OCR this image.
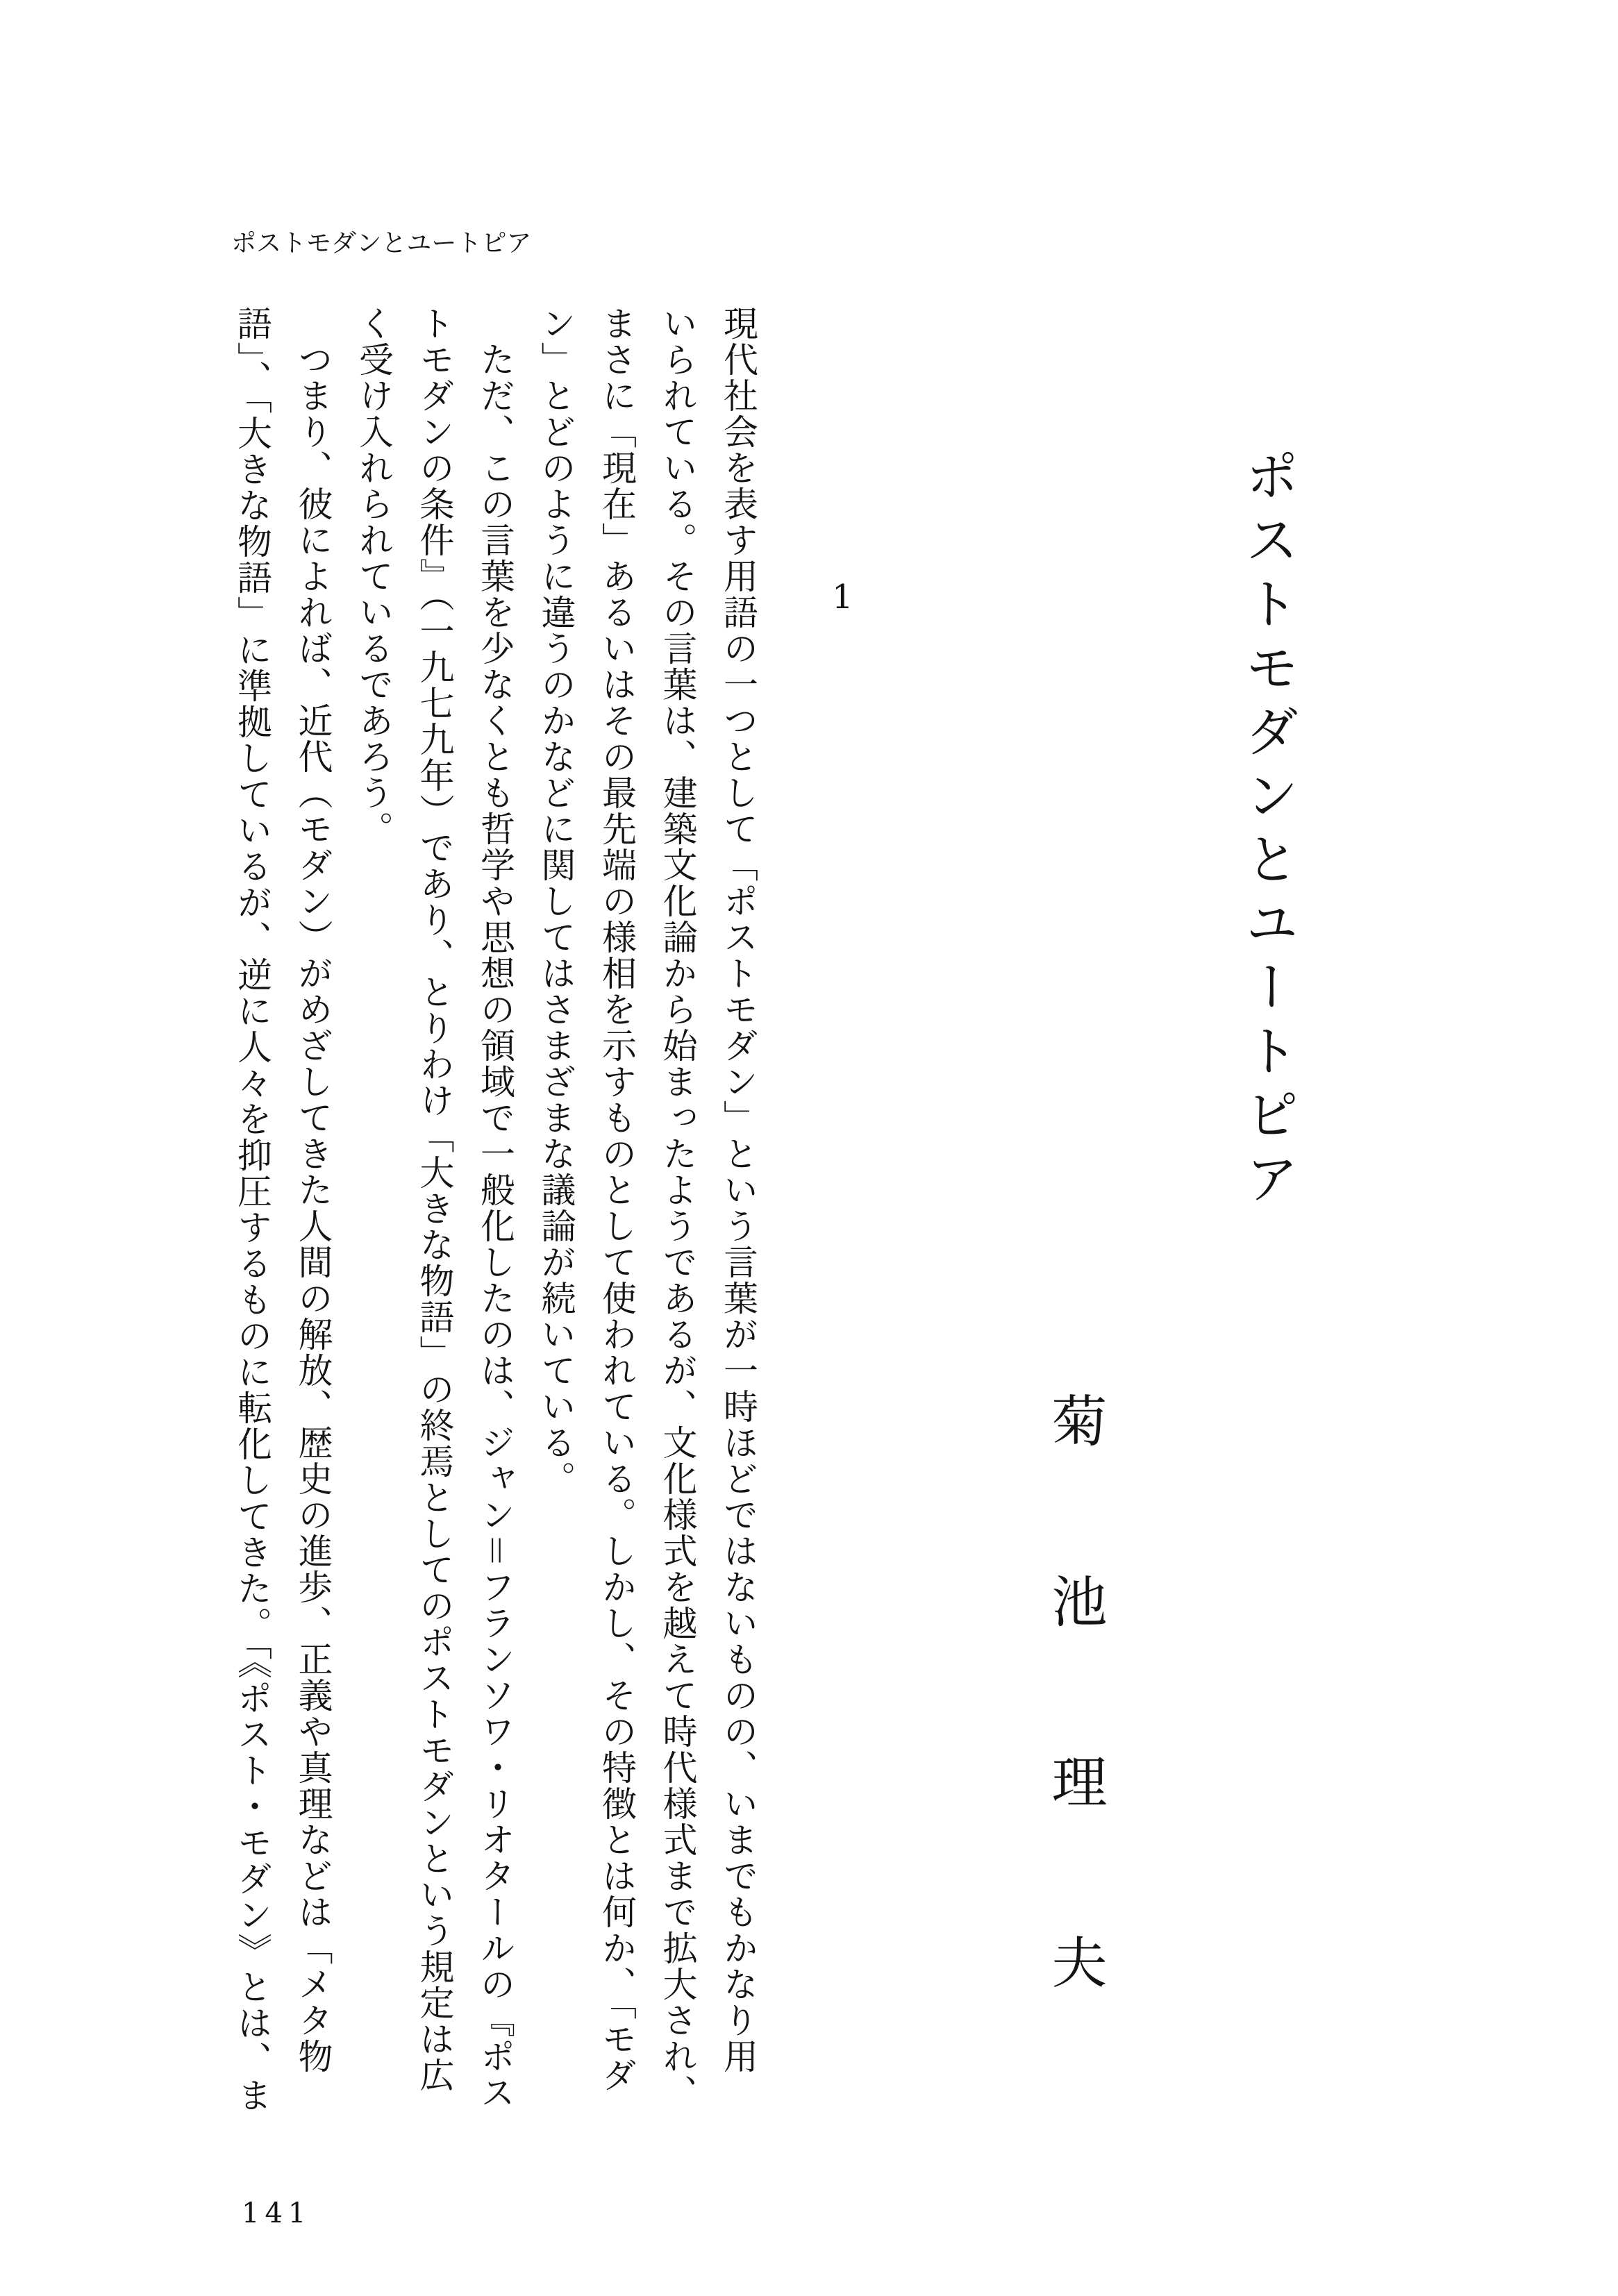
ポストモダンとユートピア
1	ポストモダンとユートピア
菊池理夫
現代社会を表す用語の一つとして「ポストモダン」という言葉が一時ほどではないものの、いまでもかなり用
いられている。その言葉は、建築文化論から始まったようであるが、文化様式を越えて時代様式まで拡大され、
まさに「現在」あるいはその最先端の様相を示すものとして使われている。しかし、その特徴とは何か、「モダ
ン」とどのように違うのかなどに関してはさまざまな議論が続いている。
　ただ、この言葉を少なくとも哲学や思想の領域で一般化したのは、ジャン＝フランソワ・リオタールの『ポス
トモダンの条件』（一九七九年）であり、とりわけ「大きな物語」の終焉としてのポストモダンという規定は広
く受け入れられているであろう。
　つまり、彼によれば、近代（モダン）がめざしてきた人間の解放、歴史の進歩、正義や真理などは「メタ物
語」、「大きな物語」に準拠しているが、逆に人々を抑圧するものに転化してきた。「《ポスト・モダン》とは、ま
141
